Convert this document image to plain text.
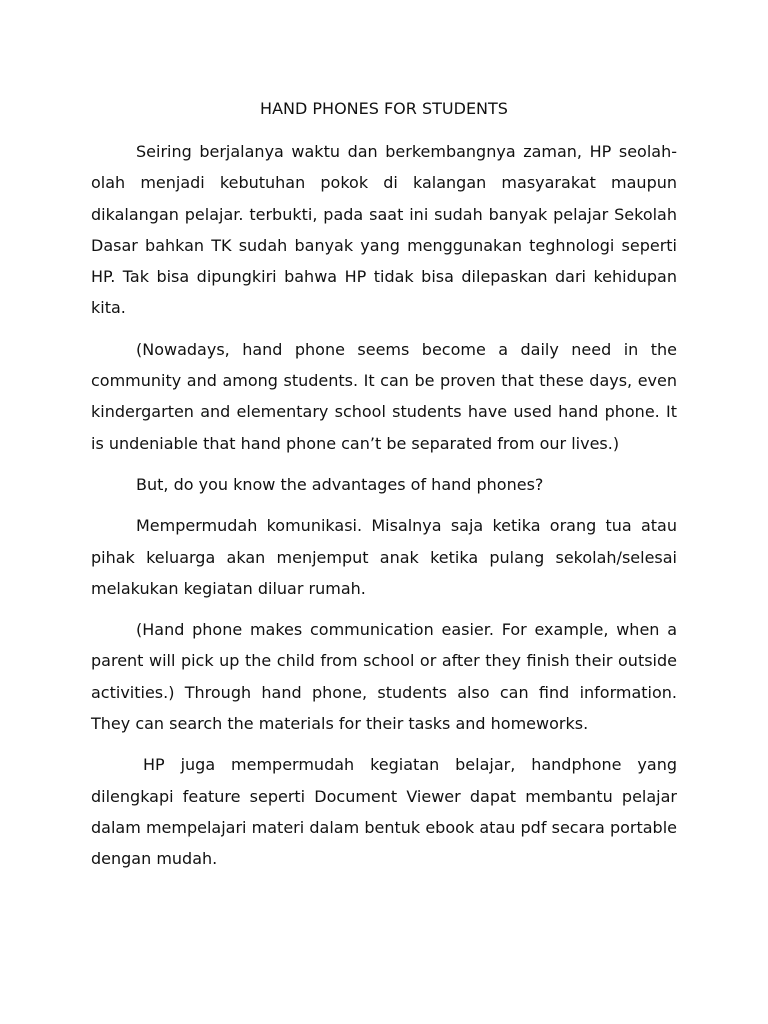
HAND PHONES FOR STUDENTS

Seiring berjalanya waktu dan berkembangnya zaman, HP seolah-olah menjadi kebutuhan pokok di kalangan masyarakat maupun dikalangan pelajar. terbukti, pada saat ini sudah banyak pelajar Sekolah Dasar bahkan TK sudah banyak yang menggunakan teghnologi seperti HP. Tak bisa dipungkiri bahwa HP tidak bisa dilepaskan dari kehidupan kita.

(Nowadays, hand phone seems become a daily need in the community and among students. It can be proven that these days, even kindergarten and elementary school students have used hand phone. It is undeniable that hand phone can’t be separated from our lives.)

But, do you know the advantages of hand phones?

Mempermudah komunikasi. Misalnya saja ketika orang tua atau pihak keluarga akan menjemput anak ketika pulang sekolah/selesai melakukan kegiatan diluar rumah.

(Hand phone makes communication easier. For example, when a parent will pick up the child from school or after they finish their outside activities.) Through hand phone, students also can find information. They can search the materials for their tasks and homeworks.

HP juga mempermudah kegiatan belajar, handphone yang dilengkapi feature seperti Document Viewer dapat membantu pelajar dalam mempelajari materi dalam bentuk ebook atau pdf secara portable dengan mudah.
